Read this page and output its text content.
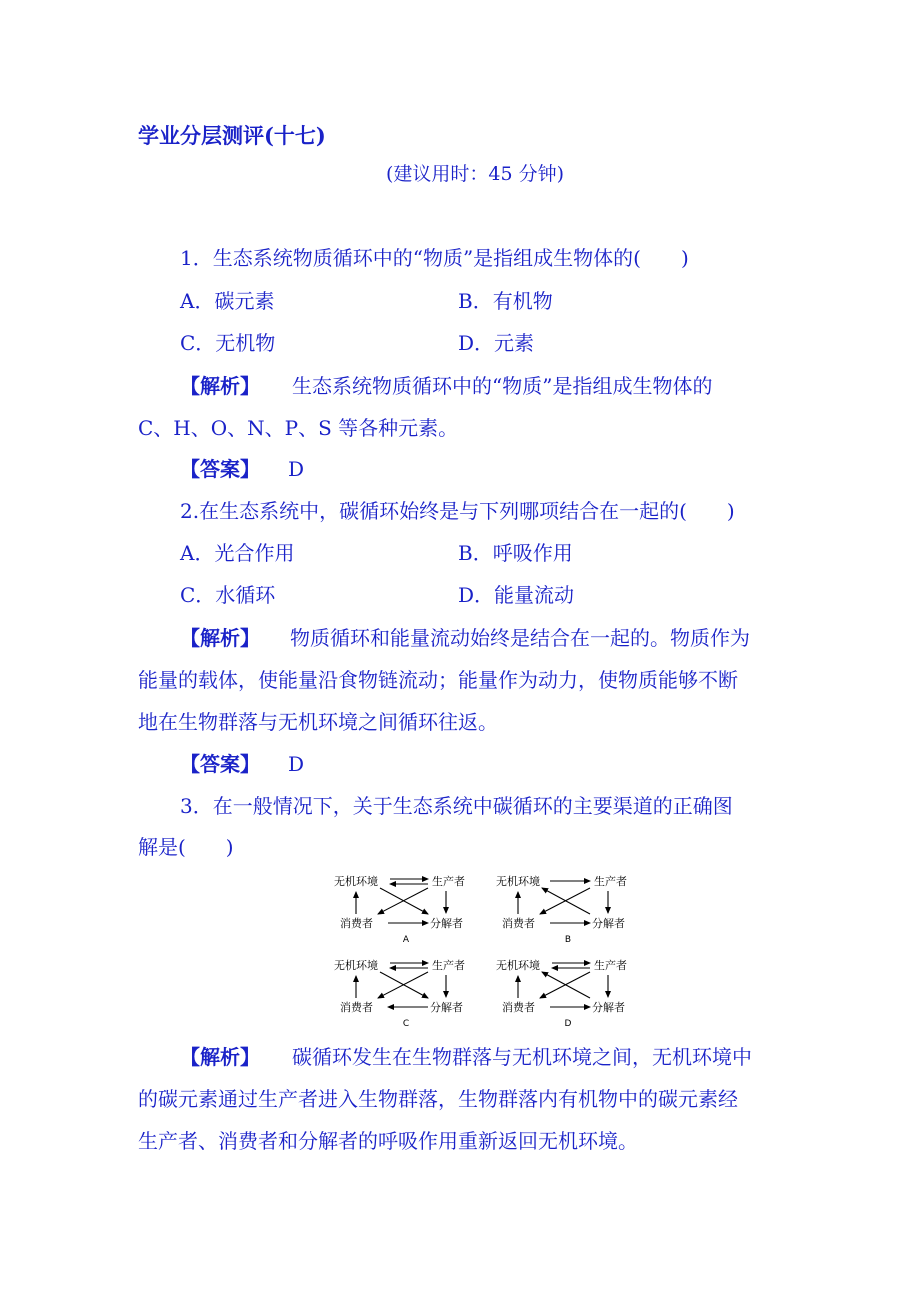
学业分层测评(十七)
(建议用时：45 分钟)
1．生态系统物质循环中的“物质”是指组成生物体的(　　)
A．碳元素	B．有机物
C．无机物	D．元素
【解析】 生态系统物质循环中的“物质”是指组成生物体的
C、H、O、N、P、S 等各种元素。
【答案】 D
2.在生态系统中，碳循环始终是与下列哪项结合在一起的(　　)
A．光合作用	B．呼吸作用
C．水循环	D．能量流动
【解析】 物质循环和能量流动始终是结合在一起的。物质作为
能量的载体，使能量沿食物链流动；能量作为动力，使物质能够不断
地在生物群落与无机环境之间循环往返。
【答案】 D
3．在一般情况下，关于生态系统中碳循环的主要渠道的正确图
解是(　　)
无机环境	生产者
消费者	分解者
A
无机环境	生产者
消费者	分解者
B
无机环境	生产者
消费者	分解者
C
无机环境	生产者
消费者	分解者
D
【解析】 碳循环发生在生物群落与无机环境之间，无机环境中
的碳元素通过生产者进入生物群落，生物群落内有机物中的碳元素经
生产者、消费者和分解者的呼吸作用重新返回无机环境。
